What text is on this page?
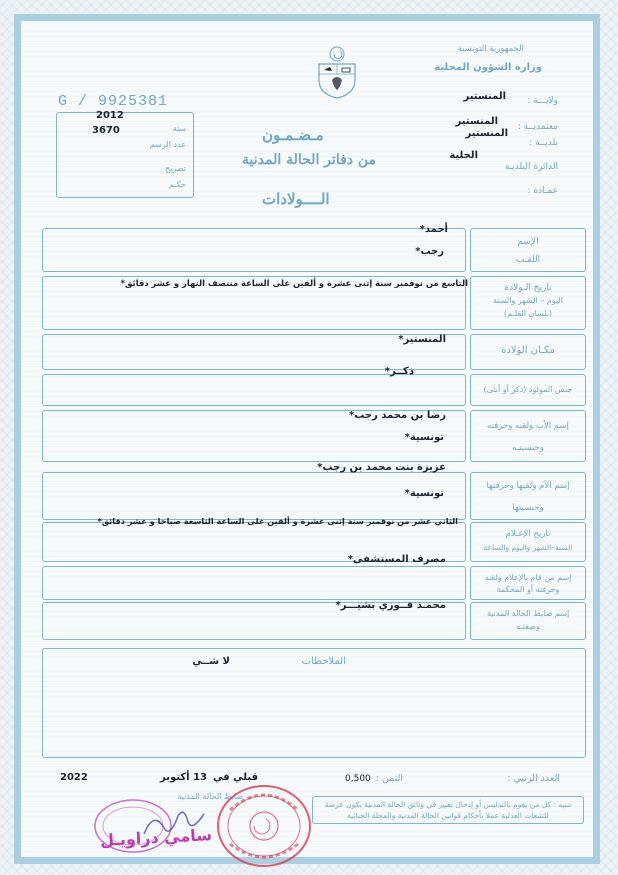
الجمهورية التونسية
وزارة الشؤون المحلية
ولايـــة :
المنستير
معتمديــة :
المنستير
بلديــة :
المنستير
الدائرة البلديـة
الحلية
عمـادة :
G / 9925381
2012
3670	سنة
عدد الرسم
تصريح
حكـم
مـضـمـون
من دفاتر الحالة المدنية
الــــولادات
الإسم
اللقـب
أحمد*
رجب*
تاريخ الـولادة
اليوم – الشهر والسنة
(بلسان القلـم)
التاسع من نوفمبر سنة إثنى عشرة و ألفين على الساعة منتصف النهار و عشر دقائق*
مكـان الولادة
المنستير*
جنس المولود (ذكر أو أنثى)
ذكــر*
إسم الأب ولقبه وحرفته
وجنسيتـه
رضا بن محمد رجب*
تونسية*
إسم الأم ولقبها وحرفتها
وجنسيتها
عزيزة بنت محمد بن رجب*
تونسية*
تاريخ الإعـلام
السنة–الشهر واليوم والساعة
الثاني عشر من نوفمبر سنة إثنى عشرة و ألفين على الساعة التاسعة صباحا و عشر دقائق*
إسم من قام بالإعلام ولقبه
وحرفته أو المحكمة
مصرف المستشفى*
إسم ضابط الحالة المدنية
وصفتـه
محمـد فــوزي بشيـــر*
الملاحظات
لا شــي
العدد الرتبي :
الثمن :
0,500
قبلي في
13 أكتوبر
2022
ضابط الحالة المدنية
تنبيه : كل من يقوم بالتدليس أو إدخال تغيير في وثائق الحالة المدنية يكون عرضة للتتبعات العدلية عملا بأحكام قوانين الحالة المدنية والمجلة الجنائية
سامي دراويـل
